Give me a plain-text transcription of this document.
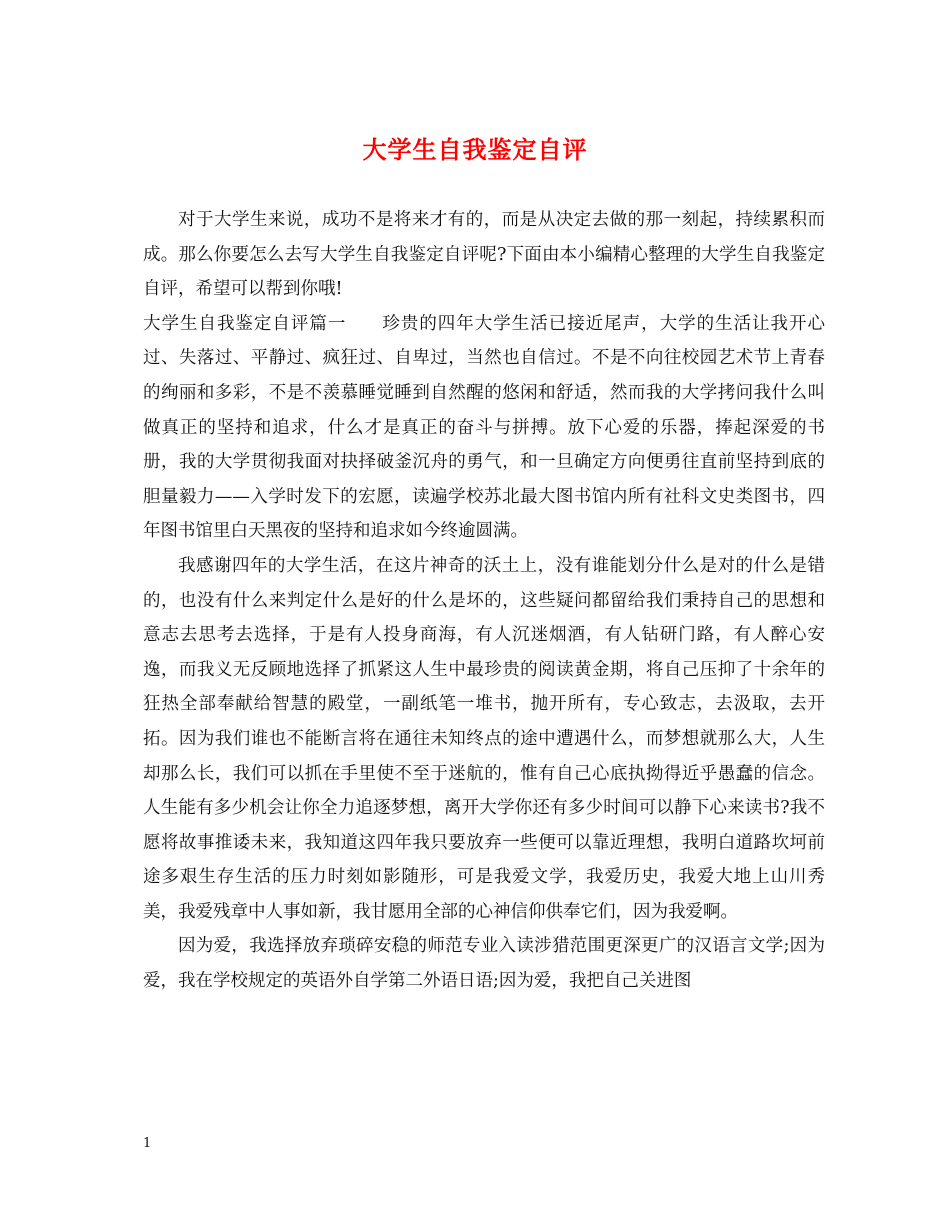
大学生自我鉴定自评

对于大学生来说，成功不是将来才有的，而是从决定去做的那一刻起，持续累积而成。那么你要怎么去写大学生自我鉴定自评呢?下面由本小编精心整理的大学生自我鉴定自评，希望可以帮到你哦!

大学生自我鉴定自评篇一 珍贵的四年大学生活已接近尾声，大学的生活让我开心过、失落过、平静过、疯狂过、自卑过，当然也自信过。不是不向往校园艺术节上青春的绚丽和多彩，不是不羡慕睡觉睡到自然醒的悠闲和舒适，然而我的大学拷问我什么叫做真正的坚持和追求，什么才是真正的奋斗与拼搏。放下心爱的乐器，捧起深爱的书册，我的大学贯彻我面对抉择破釜沉舟的勇气，和一旦确定方向便勇往直前坚持到底的胆量毅力——入学时发下的宏愿，读遍学校苏北最大图书馆内所有社科文史类图书，四年图书馆里白天黑夜的坚持和追求如今终逾圆满。

我感谢四年的大学生活，在这片神奇的沃土上，没有谁能划分什么是对的什么是错的，也没有什么来判定什么是好的什么是坏的，这些疑问都留给我们秉持自己的思想和意志去思考去选择，于是有人投身商海，有人沉迷烟酒，有人钻研门路，有人醉心安逸，而我义无反顾地选择了抓紧这人生中最珍贵的阅读黄金期，将自己压抑了十余年的狂热全部奉献给智慧的殿堂，一副纸笔一堆书，抛开所有，专心致志，去汲取，去开拓。因为我们谁也不能断言将在通往未知终点的途中遭遇什么，而梦想就那么大，人生却那么长，我们可以抓在手里使不至于迷航的，惟有自己心底执拗得近乎愚蠢的信念。人生能有多少机会让你全力追逐梦想，离开大学你还有多少时间可以静下心来读书?我不愿将故事推诿未来，我知道这四年我只要放弃一些便可以靠近理想，我明白道路坎坷前途多艰生存生活的压力时刻如影随形，可是我爱文学，我爱历史，我爱大地上山川秀美，我爱残章中人事如新，我甘愿用全部的心神信仰供奉它们，因为我爱啊。

因为爱，我选择放弃琐碎安稳的师范专业入读涉猎范围更深更广的汉语言文学;因为爱，我在学校规定的英语外自学第二外语日语;因为爱，我把自己关进图

1
